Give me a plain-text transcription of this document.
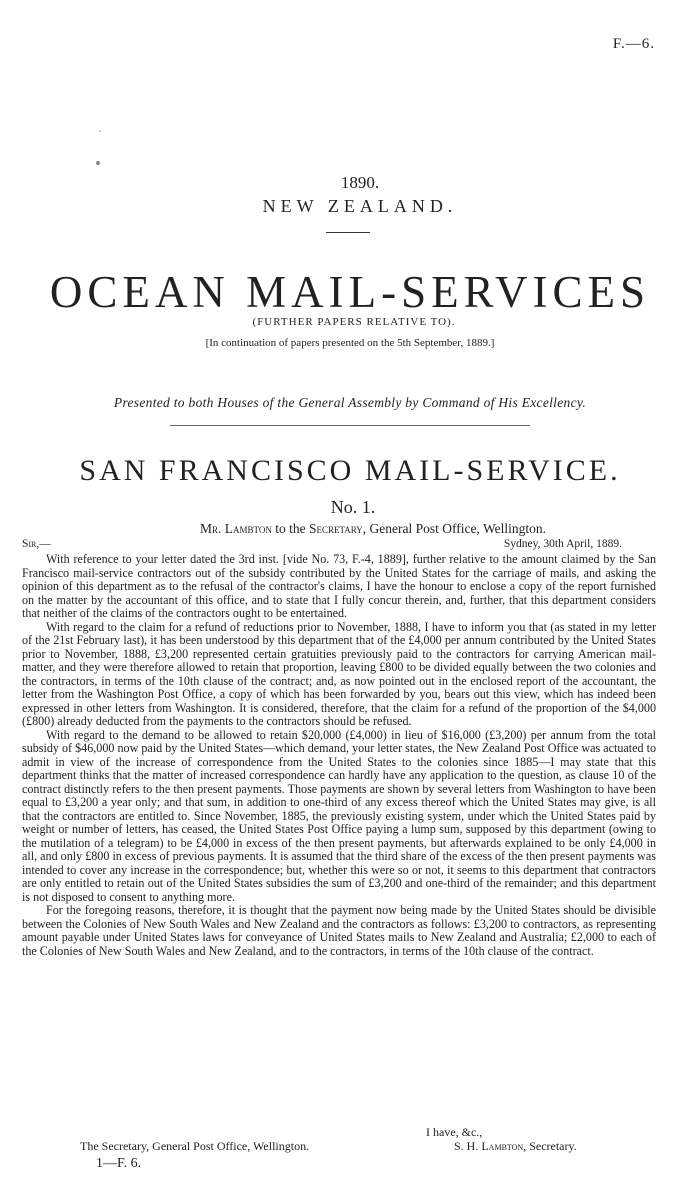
F.—6.
1890.
NEW ZEALAND.
OCEAN MAIL-SERVICES
(FURTHER PAPERS RELATIVE TO).
[In continuation of papers presented on the 5th September, 1889.]
Presented to both Houses of the General Assembly by Command of His Excellency.
SAN FRANCISCO MAIL-SERVICE.
No. 1.
Mr. Lambton to the Secretary, General Post Office, Wellington.
Sir,—	Sydney, 30th April, 1889.

With reference to your letter dated the 3rd inst. [vide No. 73, F.-4, 1889], further relative to the amount claimed by the San Francisco mail-service contractors out of the subsidy contributed by the United States for the carriage of mails, and asking the opinion of this department as to the refusal of the contractor's claims, I have the honour to enclose a copy of the report furnished on the matter by the accountant of this office, and to state that I fully concur therein, and, further, that this department considers that neither of the claims of the contractors ought to be entertained.

With regard to the claim for a refund of reductions prior to November, 1888, I have to inform you that (as stated in my letter of the 21st February last), it has been understood by this department that of the £4,000 per annum contributed by the United States prior to November, 1888, £3,200 represented certain gratuities previously paid to the contractors for carrying American mail-matter, and they were therefore allowed to retain that proportion, leaving £800 to be divided equally between the two colonies and the contractors, in terms of the 10th clause of the contract; and, as now pointed out in the enclosed report of the accountant, the letter from the Washington Post Office, a copy of which has been forwarded by you, bears out this view, which has indeed been expressed in other letters from Washington. It is considered, therefore, that the claim for a refund of the proportion of the $4,000 (£800) already deducted from the payments to the contractors should be refused.

With regard to the demand to be allowed to retain $20,000 (£4,000) in lieu of $16,000 (£3,200) per annum from the total subsidy of $46,000 now paid by the United States—which demand, your letter states, the New Zealand Post Office was actuated to admit in view of the increase of correspondence from the United States to the colonies since 1885—I may state that this department thinks that the matter of increased correspondence can hardly have any application to the question, as clause 10 of the contract distinctly refers to the then present payments. Those payments are shown by several letters from Washington to have been equal to £3,200 a year only; and that sum, in addition to one-third of any excess thereof which the United States may give, is all that the contractors are entitled to. Since November, 1885, the previously existing system, under which the United States paid by weight or number of letters, has ceased, the United States Post Office paying a lump sum, supposed by this department (owing to the mutilation of a telegram) to be £4,000 in excess of the then present payments, but afterwards explained to be only £4,000 in all, and only £800 in excess of previous payments. It is assumed that the third share of the excess of the then present payments was intended to cover any increase in the correspondence; but, whether this were so or not, it seems to this department that contractors are only entitled to retain out of the United States subsidies the sum of £3,200 and one-third of the remainder; and this department is not disposed to consent to anything more.

For the foregoing reasons, therefore, it is thought that the payment now being made by the United States should be divisible between the Colonies of New South Wales and New Zealand and the contractors as follows: £3,200 to contractors, as representing amount payable under United States laws for conveyance of United States mails to New Zealand and Australia; £2,000 to each of the Colonies of New South Wales and New Zealand, and to the contractors, in terms of the 10th clause of the contract.

I have, &c.,
The Secretary, General Post Office, Wellington.	S. H. Lambton, Secretary.
1—F. 6.
